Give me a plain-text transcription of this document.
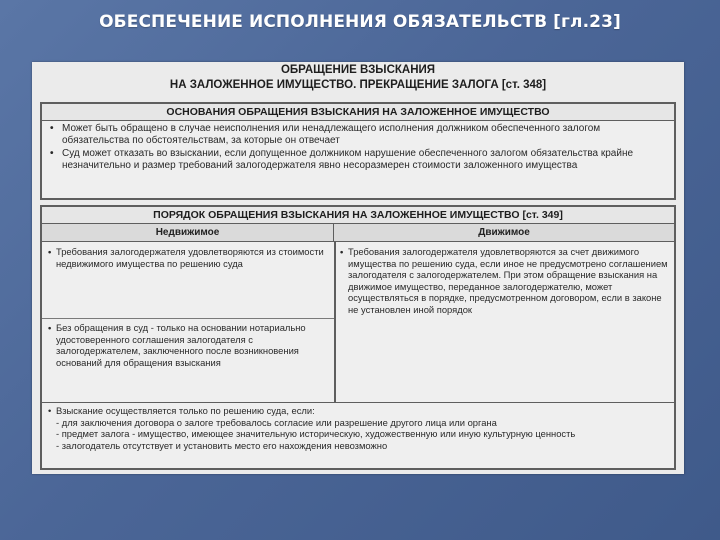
ОБЕСПЕЧЕНИЕ ИСПОЛНЕНИЯ ОБЯЗАТЕЛЬСТВ [гл.23]
ОБРАЩЕНИЕ ВЗЫСКАНИЯ
НА ЗАЛОЖЕННОЕ ИМУЩЕСТВО. ПРЕКРАЩЕНИЕ ЗАЛОГА [ст. 348]
ОСНОВАНИЯ ОБРАЩЕНИЯ ВЗЫСКАНИЯ НА ЗАЛОЖЕННОЕ ИМУЩЕСТВО
• Может быть обращено в случае неисполнения или ненадлежащего исполнения должником обеспеченного залогом обязательства по обстоятельствам, за которые он отвечает
• Суд может отказать во взыскании, если допущенное должником нарушение обеспеченного залогом обязательства крайне незначительно и размер требований залогодержателя явно несоразмерен стоимости заложенного имущества
ПОРЯДОК ОБРАЩЕНИЯ ВЗЫСКАНИЯ НА ЗАЛОЖЕННОЕ ИМУЩЕСТВО [ст. 349]
Недвижимое	Движимое
• Требования залогодержателя удовлетворяются из стоимости недвижимого имущества по решению суда
• Требования залогодержателя удовлетворяются за счет движимого имущества по решению суда, если иное не предусмотрено соглашением залогодателя с залогодержателем. При этом обращение взыскания на движимое имущество, переданное залогодержателю, может осуществляться в порядке, предусмотренном договором, если в законе не установлен иной порядок
• Без обращения в суд - только на основании нотариально удостоверенного соглашения залогодателя с залогодержателем, заключенного после возникновения оснований для обращения взыскания
• Взыскание осуществляется только по решению суда, если:
- для заключения договора о залоге требовалось согласие или разрешение другого лица или органа
- предмет залога - имущество, имеющее значительную историческую, художественную или иную культурную ценность
- залогодатель отсутствует и установить место его нахождения невозможно
